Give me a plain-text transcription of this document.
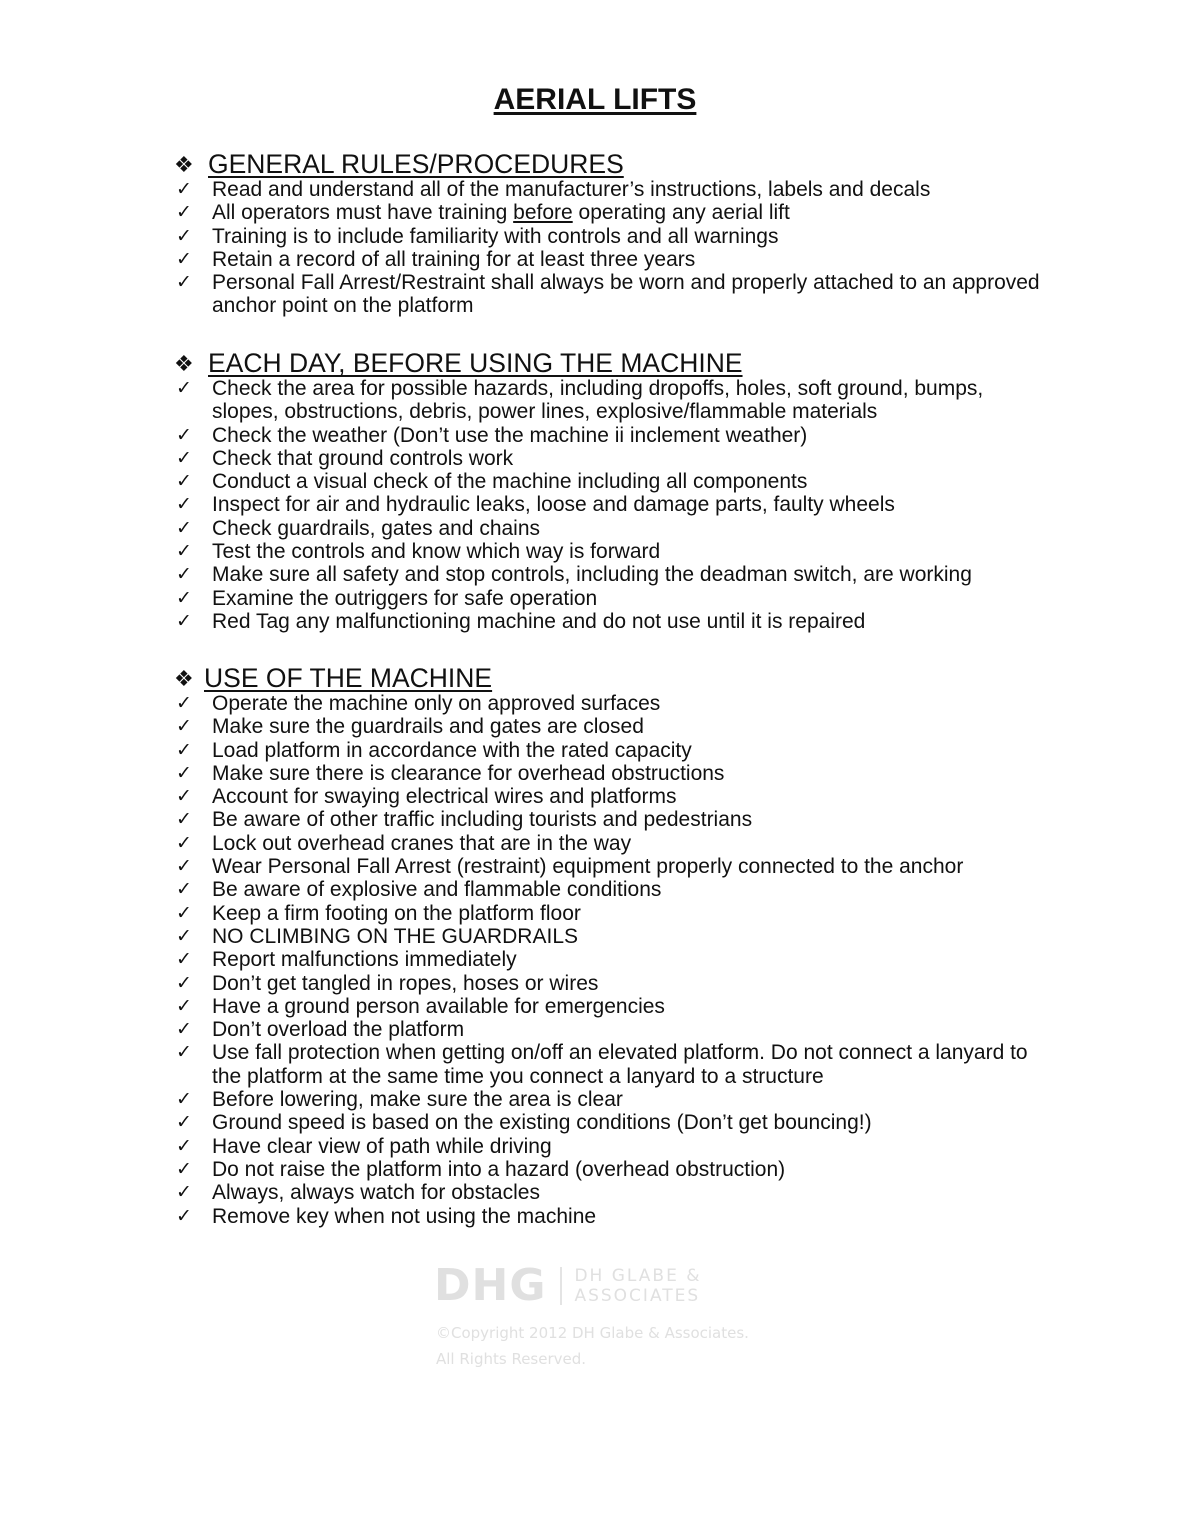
AERIAL LIFTS
❖ GENERAL RULES/PROCEDURES
✓ Read and understand all of the manufacturer’s instructions, labels and decals
✓ All operators must have training before operating any aerial lift
✓ Training is to include familiarity with controls and all warnings
✓ Retain a record of all training for at least three years
✓ Personal Fall Arrest/Restraint shall always be worn and properly attached to an approved anchor point on the platform
❖ EACH DAY, BEFORE USING THE MACHINE
✓ Check the area for possible hazards, including dropoffs, holes, soft ground, bumps, slopes, obstructions, debris, power lines, explosive/flammable materials
✓ Check the weather (Don’t use the machine ii inclement weather)
✓ Check that ground controls work
✓ Conduct a visual check of the machine including all components
✓ Inspect for air and hydraulic leaks, loose and damage parts, faulty wheels
✓ Check guardrails, gates and chains
✓ Test the controls and know which way is forward
✓ Make sure all safety and stop controls, including the deadman switch, are working
✓ Examine the outriggers for safe operation
✓ Red Tag any malfunctioning machine and do not use until it is repaired
❖ USE OF THE MACHINE
✓ Operate the machine only on approved surfaces
✓ Make sure the guardrails and gates are closed
✓ Load platform in accordance with the rated capacity
✓ Make sure there is clearance for overhead obstructions
✓ Account for swaying electrical wires and platforms
✓ Be aware of other traffic including tourists and pedestrians
✓ Lock out overhead cranes that are in the way
✓ Wear Personal Fall Arrest (restraint) equipment properly connected to the anchor
✓ Be aware of explosive and flammable conditions
✓ Keep a firm footing on the platform floor
✓ NO CLIMBING ON THE GUARDRAILS
✓ Report malfunctions immediately
✓ Don’t get tangled in ropes, hoses or wires
✓ Have a ground person available for emergencies
✓ Don’t overload the platform
✓ Use fall protection when getting on/off an elevated platform. Do not connect a lanyard to the platform at the same time you connect a lanyard to a structure
✓ Before lowering, make sure the area is clear
✓ Ground speed is based on the existing conditions (Don’t get bouncing!)
✓ Have clear view of path while driving
✓ Do not raise the platform into a hazard (overhead obstruction)
✓ Always, always watch for obstacles
✓ Remove key when not using the machine
DHG DH GLABE &
ASSOCIATES
©Copyright 2012 DH Glabe & Associates.
All Rights Reserved.
